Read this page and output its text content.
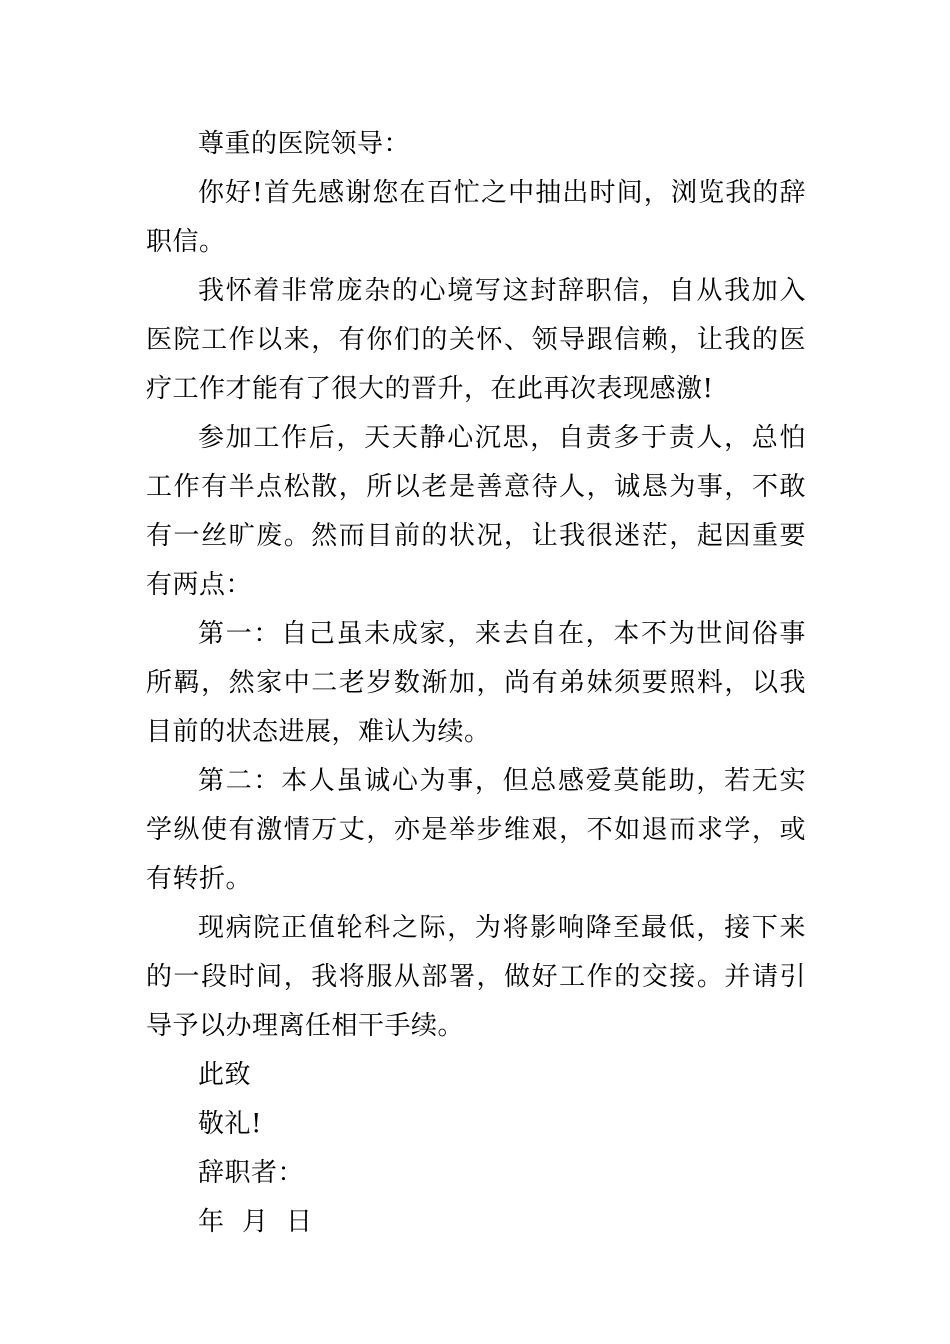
尊重的医院领导：

你好!首先感谢您在百忙之中抽出时间，浏览我的辞职信。

我怀着非常庞杂的心境写这封辞职信，自从我加入医院工作以来，有你们的关怀、领导跟信赖，让我的医疗工作才能有了很大的晋升，在此再次表现感激!

参加工作后，天天静心沉思，自责多于责人，总怕工作有半点松散，所以老是善意待人，诚恳为事，不敢有一丝旷废。然而目前的状况，让我很迷茫，起因重要有两点：

第一：自己虽未成家，来去自在，本不为世间俗事所羁，然家中二老岁数渐加，尚有弟妹须要照料，以我目前的状态进展，难认为续。

第二：本人虽诚心为事，但总感爱莫能助，若无实学纵使有激情万丈，亦是举步维艰，不如退而求学，或有转折。

现病院正值轮科之际，为将影响降至最低，接下来的一段时间，我将服从部署，做好工作的交接。并请引导予以办理离任相干手续。

此致

敬礼!

辞职者：

年  月  日
